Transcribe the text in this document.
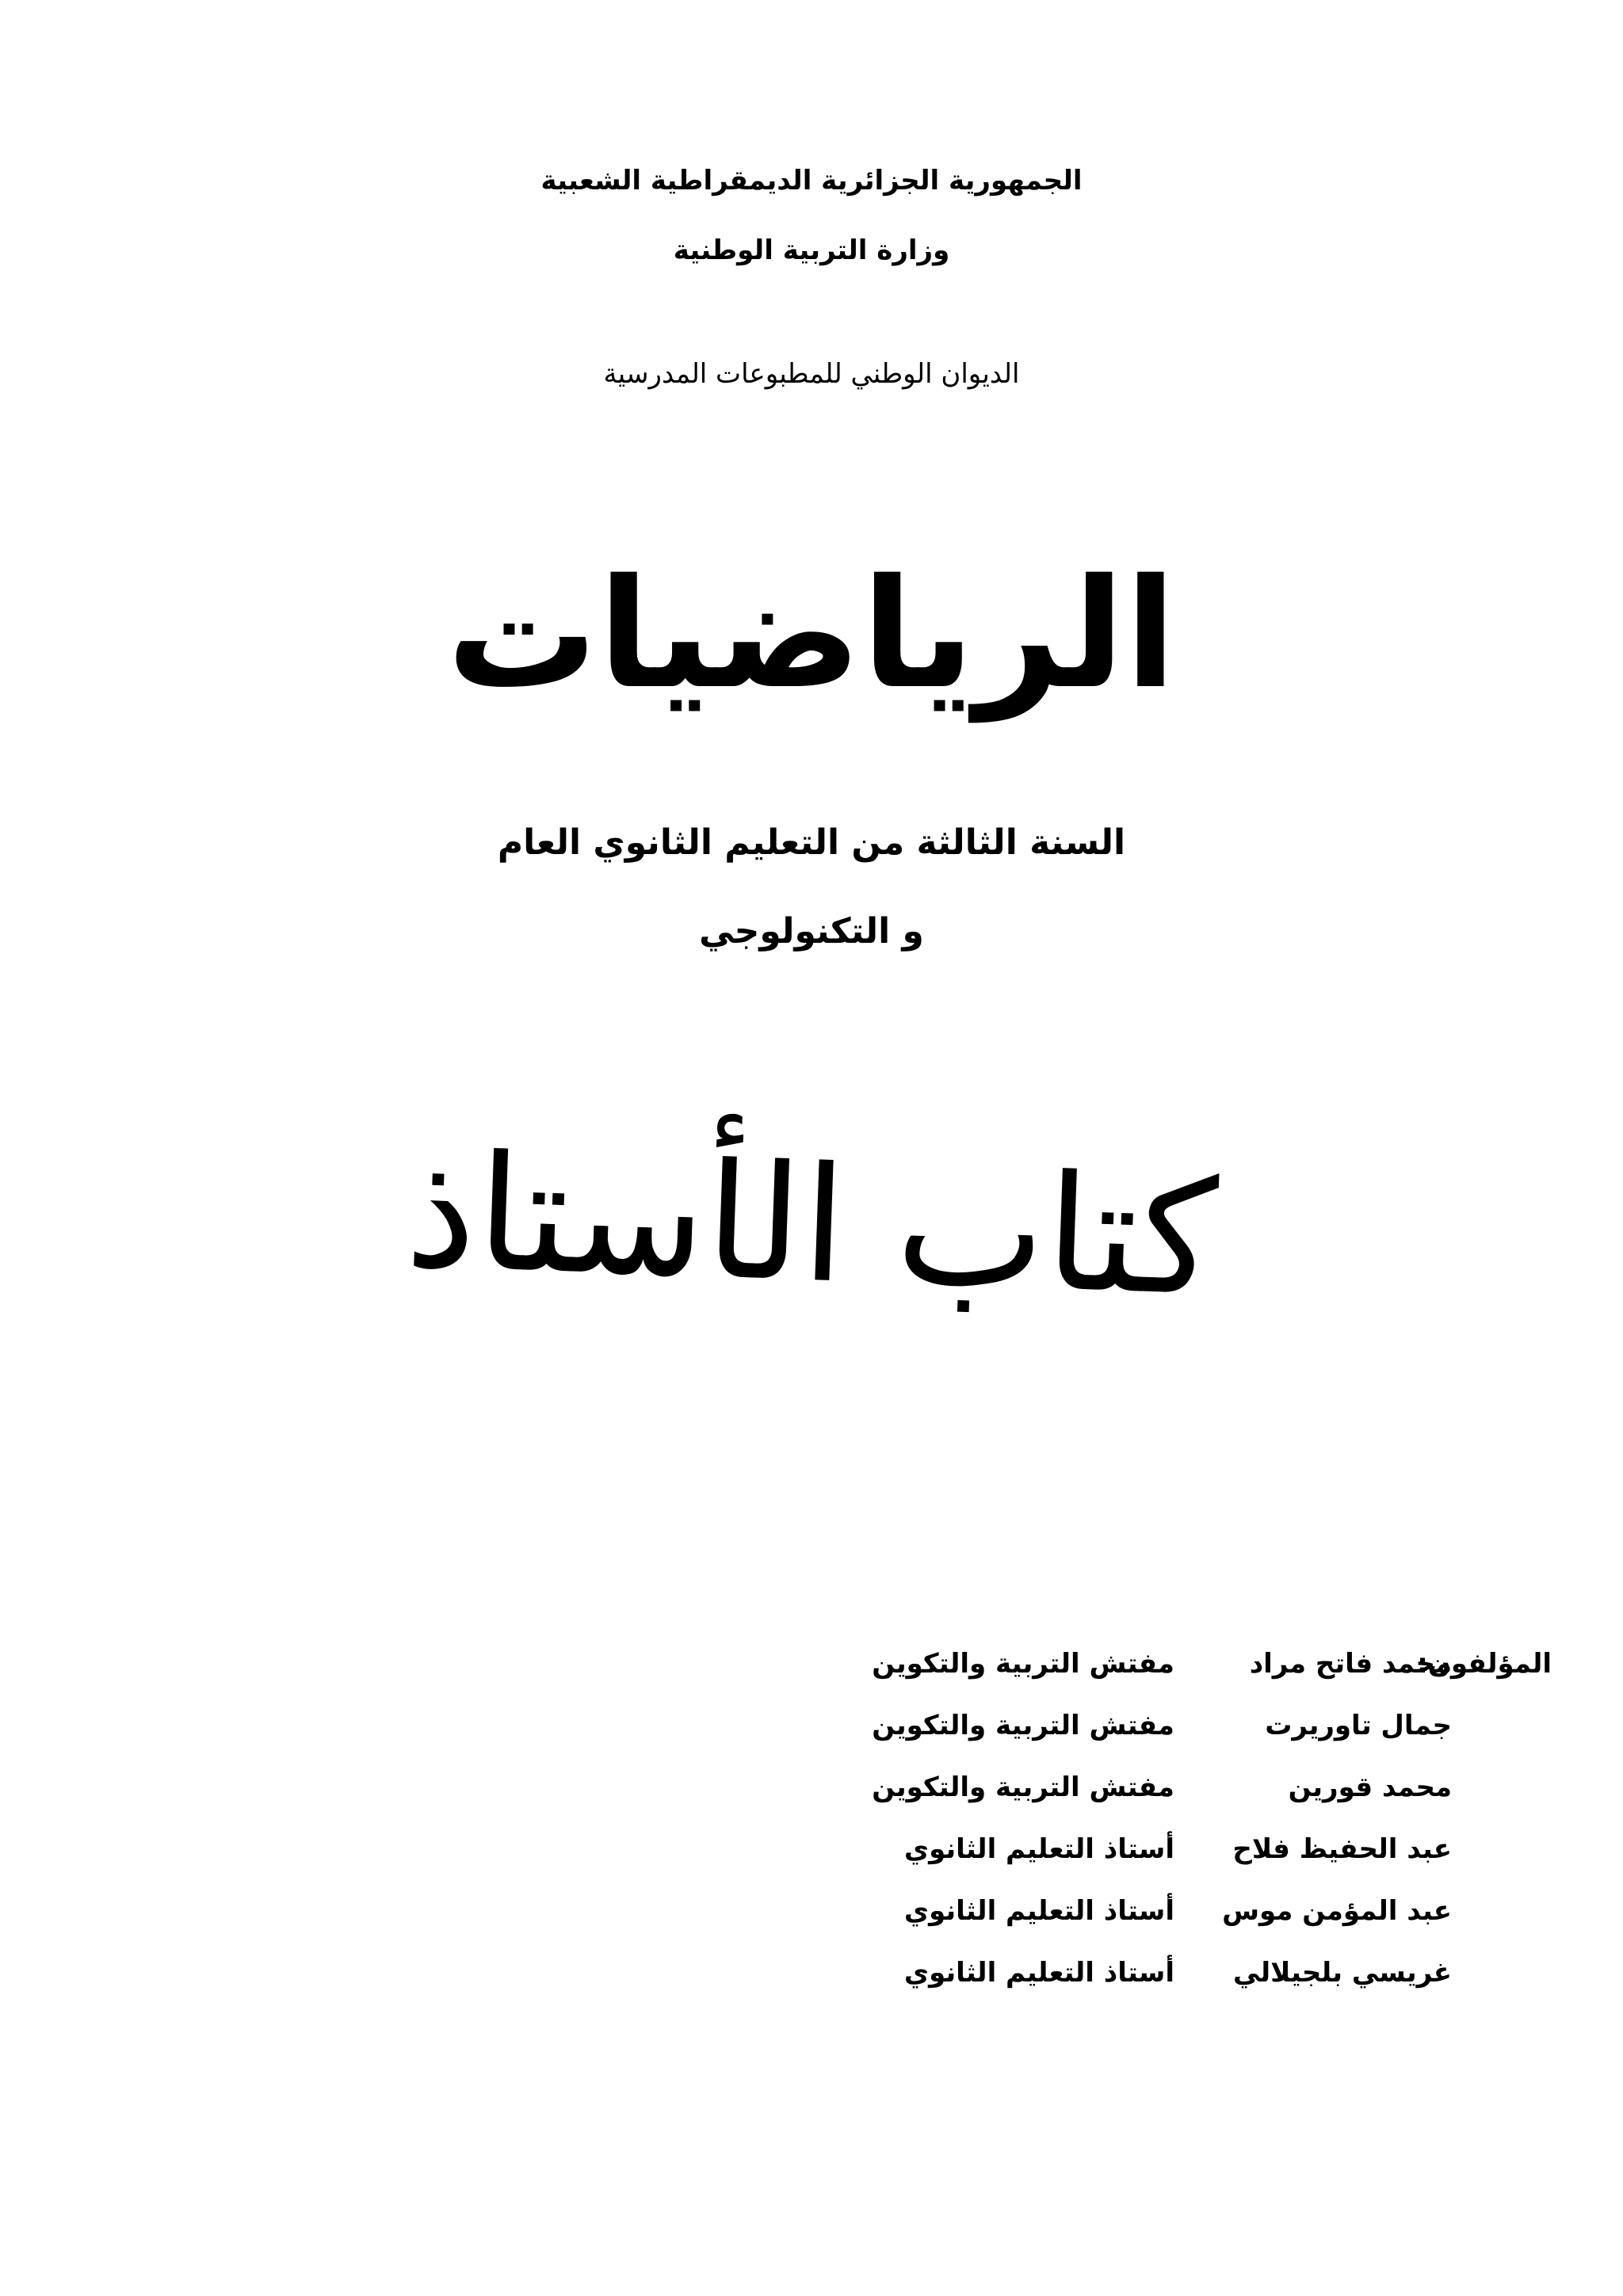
الجمهورية الجزائرية الديمقراطية الشعبية
وزارة التربية الوطنية
الديوان الوطني للمطبوعات المدرسية
الرياضيات
السنة الثالثة من التعليم الثانوي العام
و التكنولوجي
كتاب الأستاذ
المؤلفون:
محمد فاتح مراد
مفتش التربية والتكوين
جمال تاوريرت
مفتش التربية والتكوين
محمد قورين
مفتش التربية والتكوين
عبد الحفيظ فلاح
أستاذ التعليم الثانوي
عبد المؤمن موس
أستاذ التعليم الثانوي
غريسي بلجيلالي
أستاذ التعليم الثانوي
